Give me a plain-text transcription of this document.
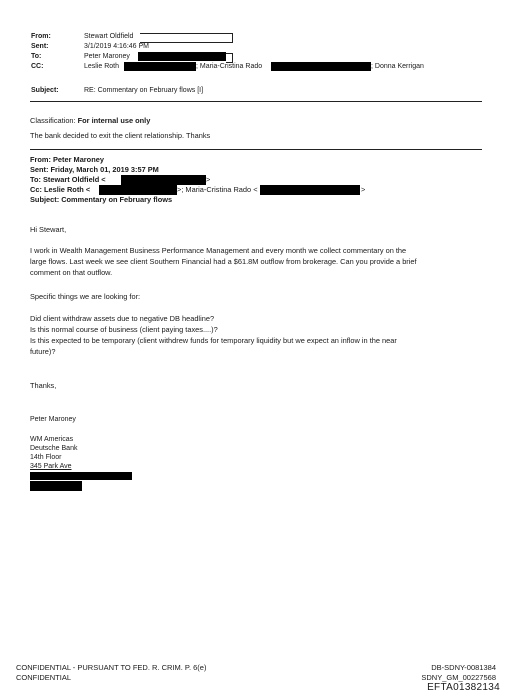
From:	Stewart Oldfield
Sent:	3/1/2019 4:16:46 PM
To:	Peter Maroney
CC:	Leslie Roth	; Maria-Cristina Rado	; Donna Kerrigan
Subject:	RE: Commentary on February flows [I]
Classification: For internal use only
The bank decided to exit the client relationship. Thanks
From: Peter Maroney
Sent: Friday, March 01, 2019 3:57 PM
To: Stewart Oldfield <	>
Cc: Leslie Roth <	>; Maria-Cristina Rado <	>
Subject: Commentary on February flows
Hi Stewart,
I work in Wealth Management Business Performance Management and every month we collect commentary on the
large flows. Last week we see client Southern Financial had a $61.8M outflow from brokerage. Can you provide a brief
comment on that outflow.
Specific things we are looking for:
Did client withdraw assets due to negative DB headline?
Is this normal course of business (client paying taxes....)?
Is this expected to be temporary (client withdrew funds for temporary liquidity but we expect an inflow in the near
future)?
Thanks,
Peter Maroney
WM Americas
Deutsche Bank
14th Floor
345 Park Ave
CONFIDENTIAL - PURSUANT TO FED. R. CRIM. P. 6(e)
CONFIDENTIAL
DB-SDNY-0081384
SDNY_GM_00227568
EFTA01382134
